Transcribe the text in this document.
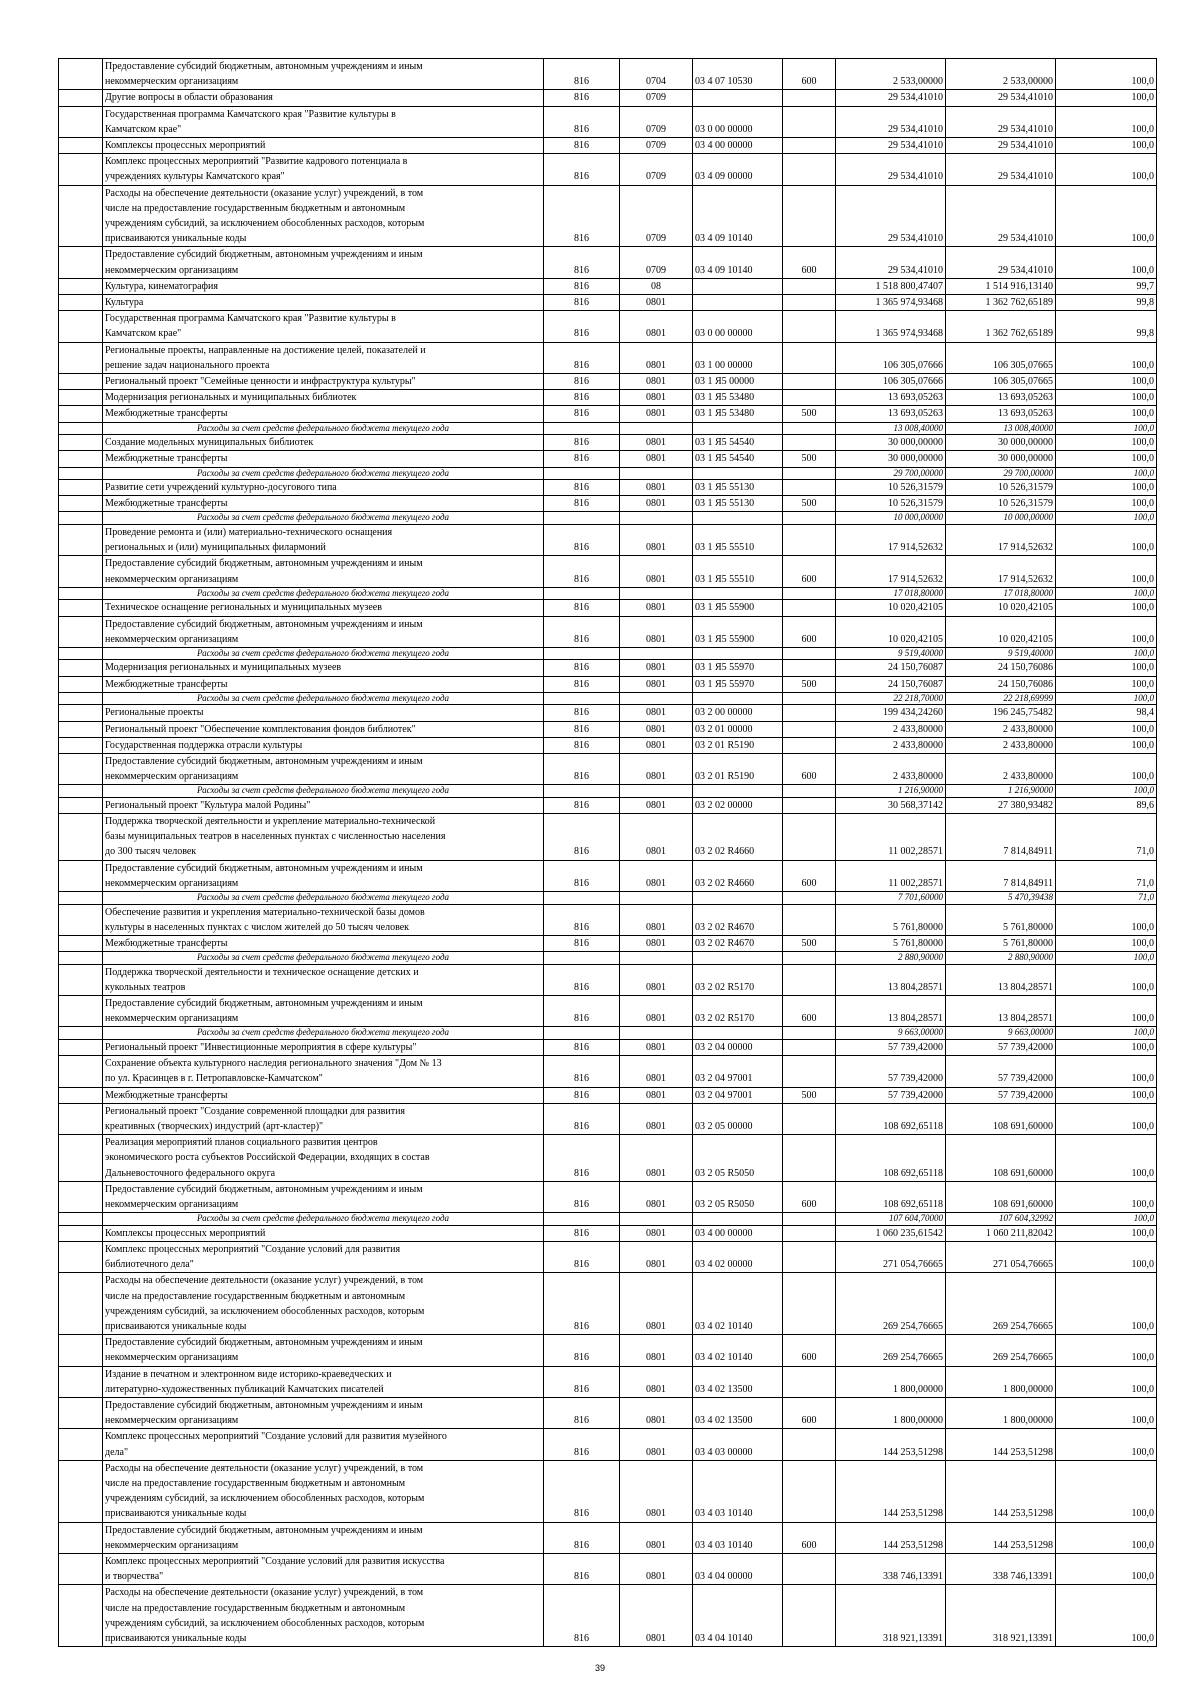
	Предоставление субсидий бюджетным, автономным учреждениям и иным
некоммерческим организациям	816	0704	03 4 07 10530	600	2 533,00000	2 533,00000	100,0
	Другие вопросы в области образования	816	0709			29 534,41010	29 534,41010	100,0
	Государственная программа Камчатского края "Развитие культуры в
Камчатском крае"	816	0709	03 0 00 00000		29 534,41010	29 534,41010	100,0
	Комплексы процессных мероприятий	816	0709	03 4 00 00000		29 534,41010	29 534,41010	100,0
	Комплекс процессных мероприятий "Развитие кадрового потенциала в
учреждениях культуры Камчатского края"	816	0709	03 4 09 00000		29 534,41010	29 534,41010	100,0
	Расходы на обеспечение деятельности (оказание услуг) учреждений, в том
числе на предоставление государственным бюджетным и автономным
учреждениям субсидий, за исключением обособленных расходов, которым
присваиваются уникальные коды	816	0709	03 4 09 10140		29 534,41010	29 534,41010	100,0
	Предоставление субсидий бюджетным, автономным учреждениям и иным
некоммерческим организациям	816	0709	03 4 09 10140	600	29 534,41010	29 534,41010	100,0
	Культура, кинематография	816	08			1 518 800,47407	1 514 916,13140	99,7
	Культура	816	0801			1 365 974,93468	1 362 762,65189	99,8
	Государственная программа Камчатского края "Развитие культуры в
Камчатском крае"	816	0801	03 0 00 00000		1 365 974,93468	1 362 762,65189	99,8
	Региональные проекты, направленные на достижение целей, показателей и
решение задач национального проекта	816	0801	03 1 00 00000		106 305,07666	106 305,07665	100,0
	Региональный проект "Семейные ценности и инфраструктура культуры"	816	0801	03 1 Я5 00000		106 305,07666	106 305,07665	100,0
	Модернизация региональных и муниципальных библиотек	816	0801	03 1 Я5 53480		13 693,05263	13 693,05263	100,0
	Межбюджетные трансферты	816	0801	03 1 Я5 53480	500	13 693,05263	13 693,05263	100,0
	Расходы за счет средств федерального бюджета текущего года					13 008,40000	13 008,40000	100,0
	Создание модельных муниципальных библиотек	816	0801	03 1 Я5 54540		30 000,00000	30 000,00000	100,0
	Межбюджетные трансферты	816	0801	03 1 Я5 54540	500	30 000,00000	30 000,00000	100,0
	Расходы за счет средств федерального бюджета текущего года					29 700,00000	29 700,00000	100,0
	Развитие сети учреждений культурно-досугового типа	816	0801	03 1 Я5 55130		10 526,31579	10 526,31579	100,0
	Межбюджетные трансферты	816	0801	03 1 Я5 55130	500	10 526,31579	10 526,31579	100,0
	Расходы за счет средств федерального бюджета текущего года					10 000,00000	10 000,00000	100,0
	Проведение ремонта и (или) материально-технического оснащения
региональных и (или) муниципальных филармоний	816	0801	03 1 Я5 55510		17 914,52632	17 914,52632	100,0
	Предоставление субсидий бюджетным, автономным учреждениям и иным
некоммерческим организациям	816	0801	03 1 Я5 55510	600	17 914,52632	17 914,52632	100,0
	Расходы за счет средств федерального бюджета текущего года					17 018,80000	17 018,80000	100,0
	Техническое оснащение региональных и муниципальных музеев	816	0801	03 1 Я5 55900		10 020,42105	10 020,42105	100,0
	Предоставление субсидий бюджетным, автономным учреждениям и иным
некоммерческим организациям	816	0801	03 1 Я5 55900	600	10 020,42105	10 020,42105	100,0
	Расходы за счет средств федерального бюджета текущего года					9 519,40000	9 519,40000	100,0
	Модернизация региональных и муниципальных музеев	816	0801	03 1 Я5 55970		24 150,76087	24 150,76086	100,0
	Межбюджетные трансферты	816	0801	03 1 Я5 55970	500	24 150,76087	24 150,76086	100,0
	Расходы за счет средств федерального бюджета текущего года					22 218,70000	22 218,69999	100,0
	Региональные проекты	816	0801	03 2 00 00000		199 434,24260	196 245,75482	98,4
	Региональный проект "Обеспечение комплектования фондов библиотек"	816	0801	03 2 01 00000		2 433,80000	2 433,80000	100,0
	Государственная поддержка отрасли культуры	816	0801	03 2 01 R5190		2 433,80000	2 433,80000	100,0
	Предоставление субсидий бюджетным, автономным учреждениям и иным
некоммерческим организациям	816	0801	03 2 01 R5190	600	2 433,80000	2 433,80000	100,0
	Расходы за счет средств федерального бюджета текущего года					1 216,90000	1 216,90000	100,0
	Региональный проект "Культура малой Родины"	816	0801	03 2 02 00000		30 568,37142	27 380,93482	89,6
	Поддержка творческой деятельности и укрепление материально-технической
базы муниципальных театров в населенных пунктах с численностью населения
до 300 тысяч человек	816	0801	03 2 02 R4660		11 002,28571	7 814,84911	71,0
	Предоставление субсидий бюджетным, автономным учреждениям и иным
некоммерческим организациям	816	0801	03 2 02 R4660	600	11 002,28571	7 814,84911	71,0
	Расходы за счет средств федерального бюджета текущего года					7 701,60000	5 470,39438	71,0
	Обеспечение развития и укрепления материально-технической базы домов
культуры в населенных пунктах с числом жителей до 50 тысяч человек	816	0801	03 2 02 R4670		5 761,80000	5 761,80000	100,0
	Межбюджетные трансферты	816	0801	03 2 02 R4670	500	5 761,80000	5 761,80000	100,0
	Расходы за счет средств федерального бюджета текущего года					2 880,90000	2 880,90000	100,0
	Поддержка творческой деятельности и техническое оснащение детских и
кукольных театров	816	0801	03 2 02 R5170		13 804,28571	13 804,28571	100,0
	Предоставление субсидий бюджетным, автономным учреждениям и иным
некоммерческим организациям	816	0801	03 2 02 R5170	600	13 804,28571	13 804,28571	100,0
	Расходы за счет средств федерального бюджета текущего года					9 663,00000	9 663,00000	100,0
	Региональный проект "Инвестиционные мероприятия в сфере культуры"	816	0801	03 2 04 00000		57 739,42000	57 739,42000	100,0
	Сохранение объекта культурного наследия регионального значения "Дом № 13
по ул. Красинцев в г. Петропавловске-Камчатском"	816	0801	03 2 04 97001		57 739,42000	57 739,42000	100,0
	Межбюджетные трансферты	816	0801	03 2 04 97001	500	57 739,42000	57 739,42000	100,0
	Региональный проект "Создание современной площадки для развития
креативных (творческих) индустрий (арт-кластер)"	816	0801	03 2 05 00000		108 692,65118	108 691,60000	100,0
	Реализация мероприятий планов социального развития центров
экономического роста субъектов Российской Федерации, входящих в состав
Дальневосточного федерального округа	816	0801	03 2 05 R5050		108 692,65118	108 691,60000	100,0
	Предоставление субсидий бюджетным, автономным учреждениям и иным
некоммерческим организациям	816	0801	03 2 05 R5050	600	108 692,65118	108 691,60000	100,0
	Расходы за счет средств федерального бюджета текущего года					107 604,70000	107 604,32992	100,0
	Комплексы процессных мероприятий	816	0801	03 4 00 00000		1 060 235,61542	1 060 211,82042	100,0
	Комплекс процессных мероприятий "Создание условий для развития
библиотечного дела"	816	0801	03 4 02 00000		271 054,76665	271 054,76665	100,0
	Расходы на обеспечение деятельности (оказание услуг) учреждений, в том
числе на предоставление государственным бюджетным и автономным
учреждениям субсидий, за исключением обособленных расходов, которым
присваиваются уникальные коды	816	0801	03 4 02 10140		269 254,76665	269 254,76665	100,0
	Предоставление субсидий бюджетным, автономным учреждениям и иным
некоммерческим организациям	816	0801	03 4 02 10140	600	269 254,76665	269 254,76665	100,0
	Издание в печатном и электронном виде историко-краеведческих и
литературно-художественных публикаций Камчатских писателей	816	0801	03 4 02 13500		1 800,00000	1 800,00000	100,0
	Предоставление субсидий бюджетным, автономным учреждениям и иным
некоммерческим организациям	816	0801	03 4 02 13500	600	1 800,00000	1 800,00000	100,0
	Комплекс процессных мероприятий "Создание условий для развития музейного
дела"	816	0801	03 4 03 00000		144 253,51298	144 253,51298	100,0
	Расходы на обеспечение деятельности (оказание услуг) учреждений, в том
числе на предоставление государственным бюджетным и автономным
учреждениям субсидий, за исключением обособленных расходов, которым
присваиваются уникальные коды	816	0801	03 4 03 10140		144 253,51298	144 253,51298	100,0
	Предоставление субсидий бюджетным, автономным учреждениям и иным
некоммерческим организациям	816	0801	03 4 03 10140	600	144 253,51298	144 253,51298	100,0
	Комплекс процессных мероприятий "Создание условий для развития искусства
и творчества"	816	0801	03 4 04 00000		338 746,13391	338 746,13391	100,0
	Расходы на обеспечение деятельности (оказание услуг) учреждений, в том
числе на предоставление государственным бюджетным и автономным
учреждениям субсидий, за исключением обособленных расходов, которым
присваиваются уникальные коды	816	0801	03 4 04 10140		318 921,13391	318 921,13391	100,0
39
